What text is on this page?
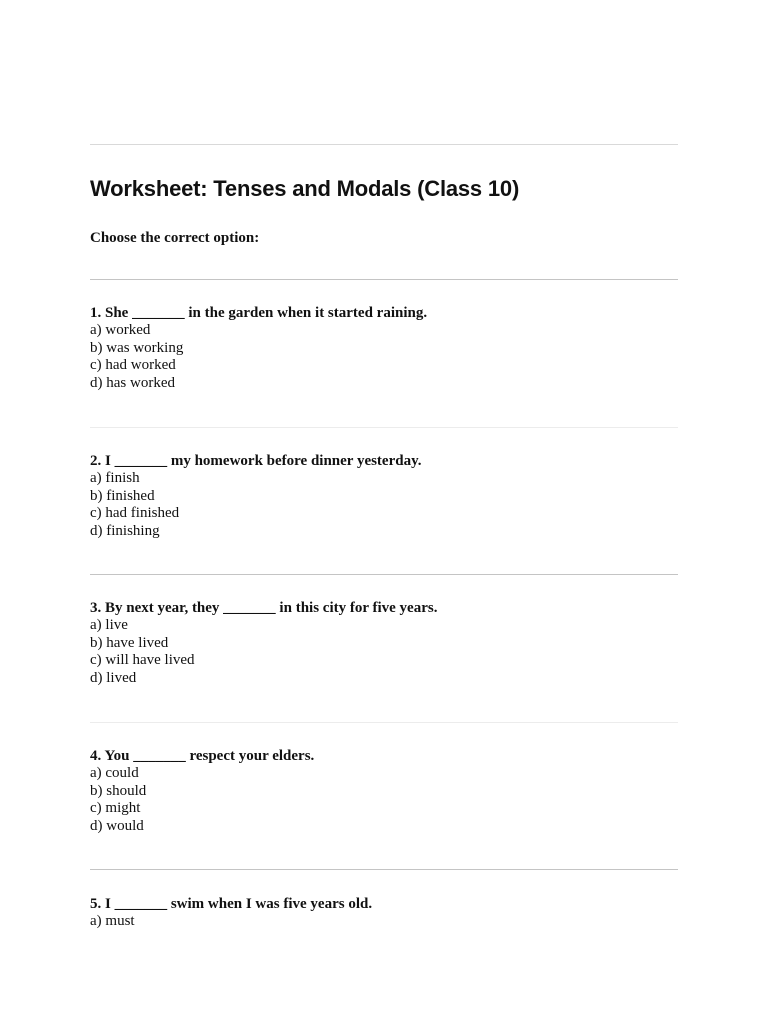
Worksheet: Tenses and Modals (Class 10)

Choose the correct option:

1. She _______ in the garden when it started raining.

a) worked
b) was working
c) had worked
d) has worked

2. I _______ my homework before dinner yesterday.

a) finish
b) finished
c) had finished
d) finishing

3. By next year, they _______ in this city for five years.

a) live
b) have lived
c) will have lived
d) lived

4. You _______ respect your elders.

a) could
b) should
c) might
d) would

5. I _______ swim when I was five years old.

a) must
